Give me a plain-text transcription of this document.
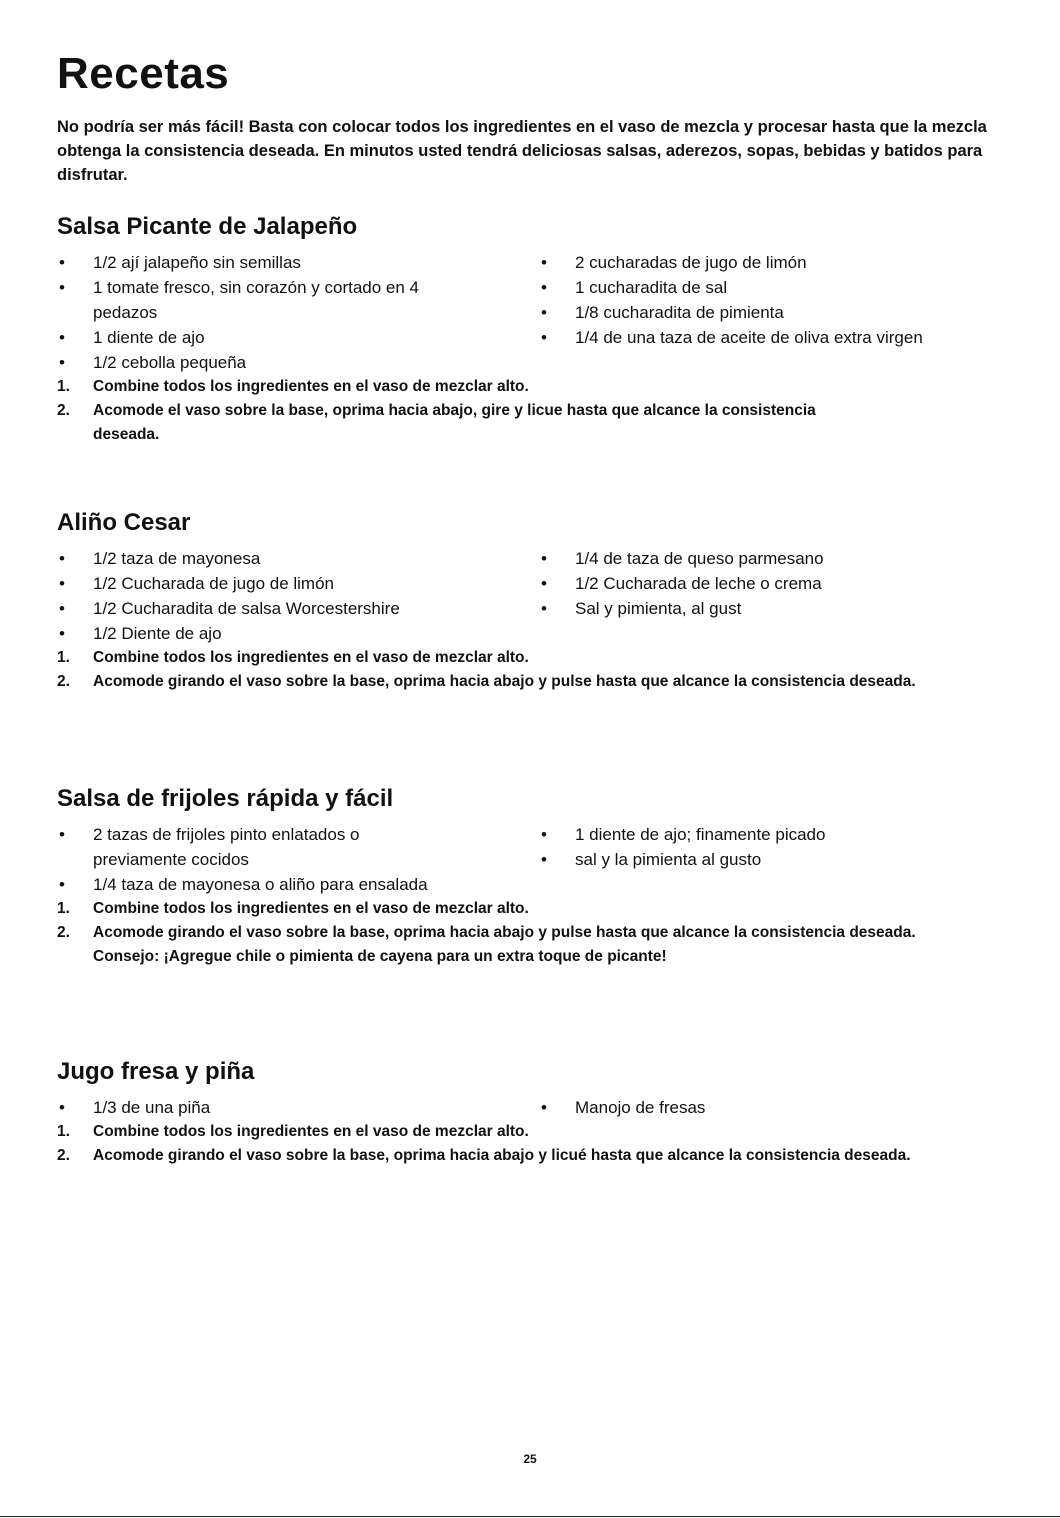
Recetas

No podría ser más fácil! Basta con colocar todos los ingredientes en el vaso de mezcla y procesar hasta que la mezcla obtenga la consistencia deseada. En minutos usted tendrá deliciosas salsas, aderezos, sopas, bebidas y batidos para disfrutar.

Salsa Picante de Jalapeño
• 1/2 ají jalapeño sin semillas
• 1 tomate fresco, sin corazón y cortado en 4 pedazos
• 1 diente de ajo
• 1/2 cebolla pequeña
• 2 cucharadas de jugo de limón
• 1 cucharadita de sal
• 1/8 cucharadita de pimienta
• 1/4 de una taza de aceite de oliva extra virgen
1. Combine todos los ingredientes en el vaso de mezclar alto.
2. Acomode el vaso sobre la base, oprima hacia abajo, gire y licue hasta que alcance la consistencia deseada.
Aliño Cesar
• 1/2 taza de mayonesa
• 1/2 Cucharada de jugo de limón
• 1/2 Cucharadita de salsa Worcestershire
• 1/2 Diente de ajo
• 1/4 de taza de queso parmesano
• 1/2 Cucharada de leche o crema
• Sal y pimienta, al gust
1. Combine todos los ingredientes en el vaso de mezclar alto.
2. Acomode girando el vaso sobre la base, oprima hacia abajo y pulse hasta que alcance la consistencia deseada.
Salsa de frijoles rápida y fácil
• 2 tazas de frijoles pinto enlatados o previamente cocidos
• 1/4 taza de mayonesa o aliño para ensalada
• 1 diente de ajo; finamente picado
• sal y la pimienta al gusto
1. Combine todos los ingredientes en el vaso de mezclar alto.
2. Acomode girando el vaso sobre la base, oprima hacia abajo y pulse hasta que alcance la consistencia deseada.
Consejo: ¡Agregue chile o pimienta de cayena para un extra toque de picante!
Jugo fresa y piña
• 1/3 de una piña
•	Manojo de fresas
1. Combine todos los ingredientes en el vaso de mezclar alto.
2. Acomode girando el vaso sobre la base, oprima hacia abajo y licué hasta que alcance la consistencia deseada.
25
